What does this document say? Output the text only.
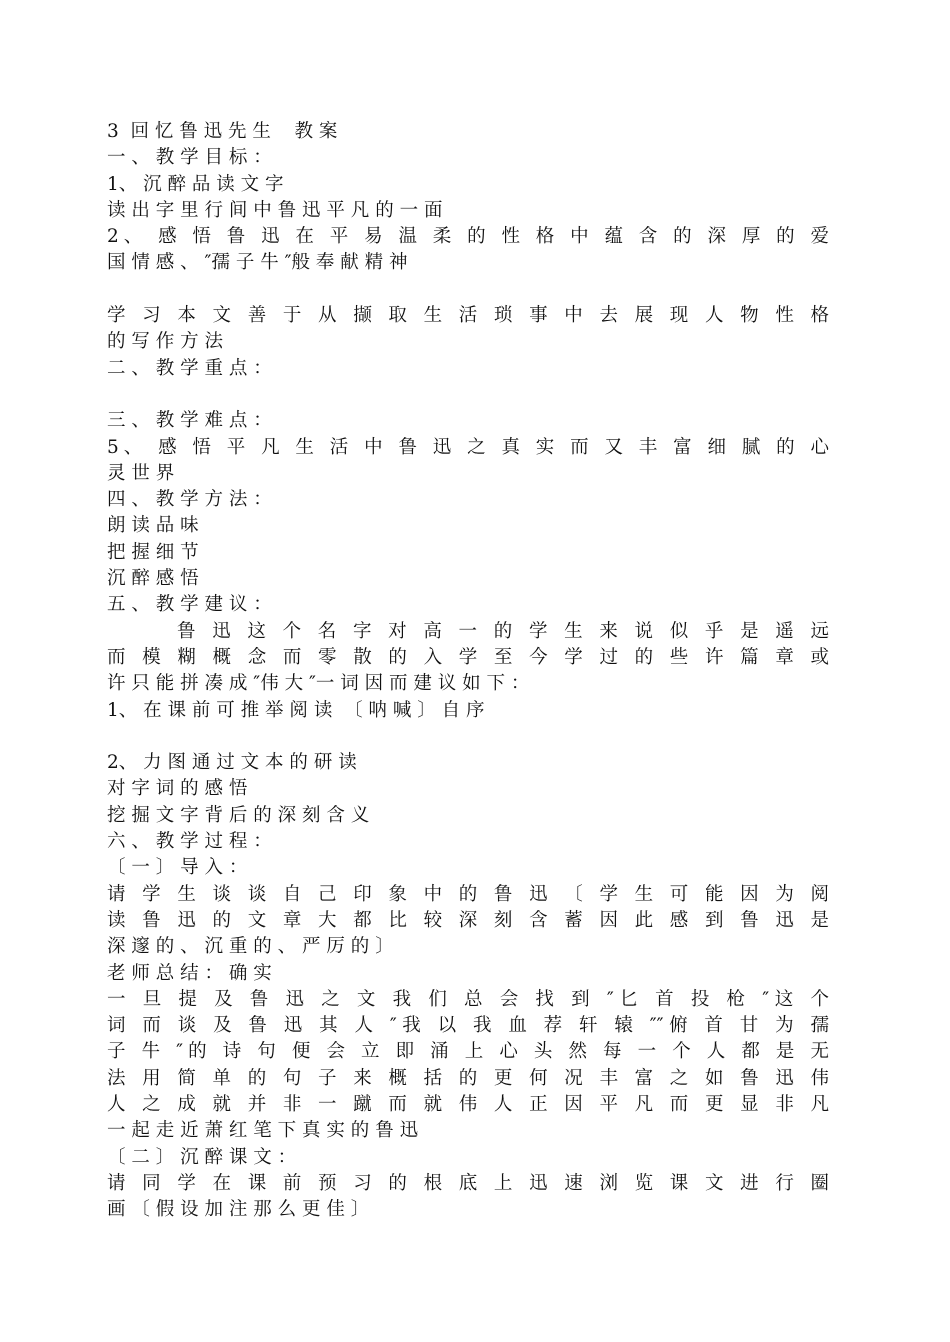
3  回 忆 鲁 迅 先 生    教 案
一 、 教 学 目 标 ：
1、 沉 醉 品 读 文 字
读 出 字 里 行 间 中 鲁 迅 平 凡 的 一 面
2、 感 悟 鲁 迅 在 平 易 温 柔 的 性 格 中 蕴 含 的 深 厚 的 爱
国 情 感 、 ″孺 子 牛 ″般 奉 献 精 神
学 习 本 文 善 于 从 撷 取 生 活 琐 事 中 去 展 现 人 物 性 格
的 写 作 方 法
二 、 教 学 重 点 ：
三 、 教 学 难 点 ：
5、 感 悟 平 凡 生 活 中 鲁 迅 之 真 实 而 又 丰 富 细 腻 的 心
灵 世 界
四 、 教 学 方 法 ：
朗 读 品 味
把 握 细 节
沉 醉 感 悟
五 、 教 学 建 议 ：
鲁 迅 这 个 名 字 对 高 一 的 学 生 来 说 似 乎 是 遥 远
而 模 糊 概 念 而 零 散 的 入 学 至 今 学 过 的 些 许 篇 章 或
许 只 能 拼 凑 成 ″伟 大 ″一 词 因 而 建 议 如 下 ：
1、 在 课 前 可 推 举 阅 读  〔 呐 喊 〕 自 序
2、 力 图 通 过 文 本 的 研 读
对 字 词 的 感 悟
挖 掘 文 字 背 后 的 深 刻 含 义
六 、 教 学 过 程 ：
〔 一 〕 导 入 ：
请 学 生 谈 谈 自 己 印 象 中 的 鲁 迅 〔 学 生 可 能 因 为 阅
读 鲁 迅 的 文 章 大 都 比 较 深 刻 含 蓄 因 此 感 到 鲁 迅 是
深 邃 的 、 沉 重 的 、 严 厉 的 〕
老 师 总 结 ： 确 实
一 旦 提 及 鲁 迅 之 文 我 们 总 会 找 到 ″匕 首 投 枪 ″这 个
词 而 谈 及 鲁 迅 其 人 ″我 以 我 血 荐 轩 辕 ″″俯 首 甘 为 孺
子 牛 ″的 诗 句 便 会 立 即 涌 上 心 头 然 每 一 个 人 都 是 无
法 用 简 单 的 句 子 来 概 括 的 更 何 况 丰 富 之 如 鲁 迅 伟
人 之 成 就 并 非 一 蹴 而 就 伟 人 正 因 平 凡 而 更 显 非 凡
一 起 走 近 萧 红 笔 下 真 实 的 鲁 迅
〔 二 〕 沉 醉 课 文 ：
请 同 学 在 课 前 预 习 的 根 底 上 迅 速 浏 览 课 文 进 行 圈
画 〔 假 设 加 注 那 么 更 佳 〕
